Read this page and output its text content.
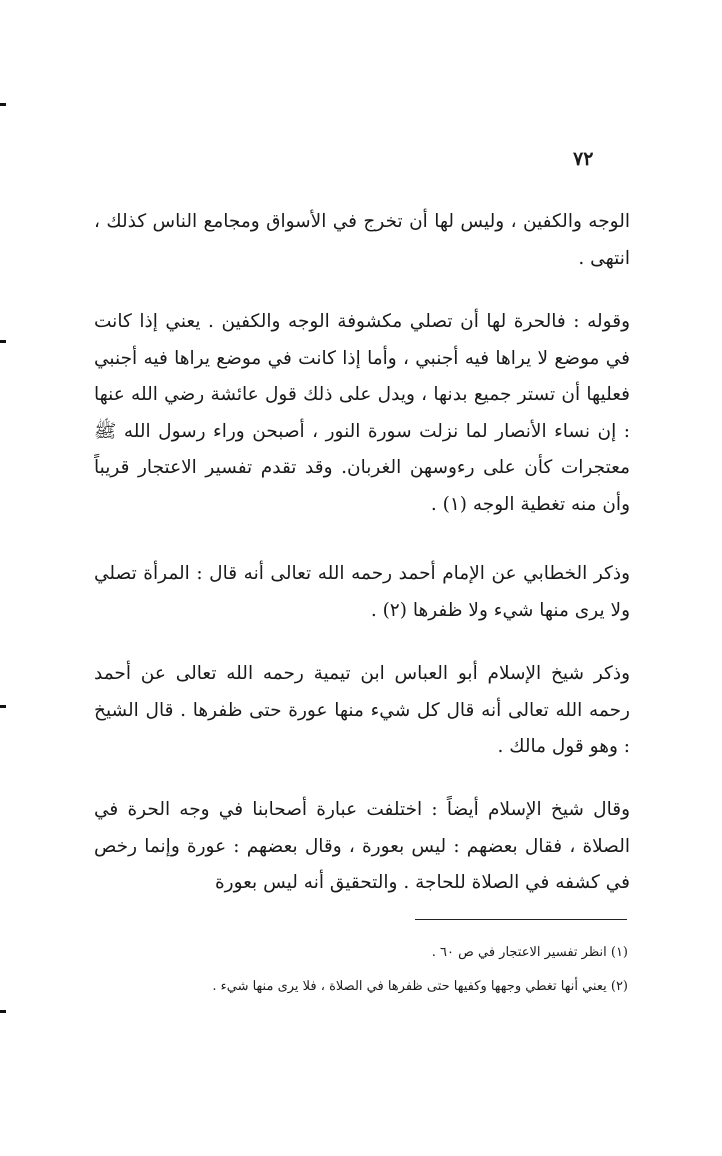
٧٢

الوجه والكفين ، وليس لها أن تخرج في الأسواق ومجامع الناس كذلك ، انتهى .

وقوله : فالحرة لها أن تصلي مكشوفة الوجه والكفين . يعني إذا كانت في موضع لا يراها فيه أجنبي ، وأما إذا كانت في موضع يراها فيه أجنبي فعليها أن تستر جميع بدنها ، ويدل على ذلك قول عائشة رضي الله عنها : إن نساء الأنصار لما نزلت سورة النور ، أصبحن وراء رسول الله ﷺ معتجرات كأن على رءوسهن الغربان. وقد تقدم تفسير الاعتجار قريباً وأن منه تغطية الوجه (١) .

وذكر الخطابي عن الإمام أحمد رحمه الله تعالى أنه قال : المرأة تصلي ولا يرى منها شيء ولا ظفرها (٢) .

وذكر شيخ الإسلام أبو العباس ابن تيمية رحمه الله تعالى عن أحمد رحمه الله تعالى أنه قال كل شيء منها عورة حتى ظفرها . قال الشيخ : وهو قول مالك .

وقال شيخ الإسلام أيضاً : اختلفت عبارة أصحابنا في وجه الحرة في الصلاة ، فقال بعضهم : ليس بعورة ، وقال بعضهم : عورة وإنما رخص في كشفه في الصلاة للحاجة . والتحقيق أنه ليس بعورة

(١) انظر تفسير الاعتجار في ص ٦٠ .

(٢) يعني أنها تغطي وجهها وكفيها حتى ظفرها في الصلاة ، فلا يرى منها شيء .
